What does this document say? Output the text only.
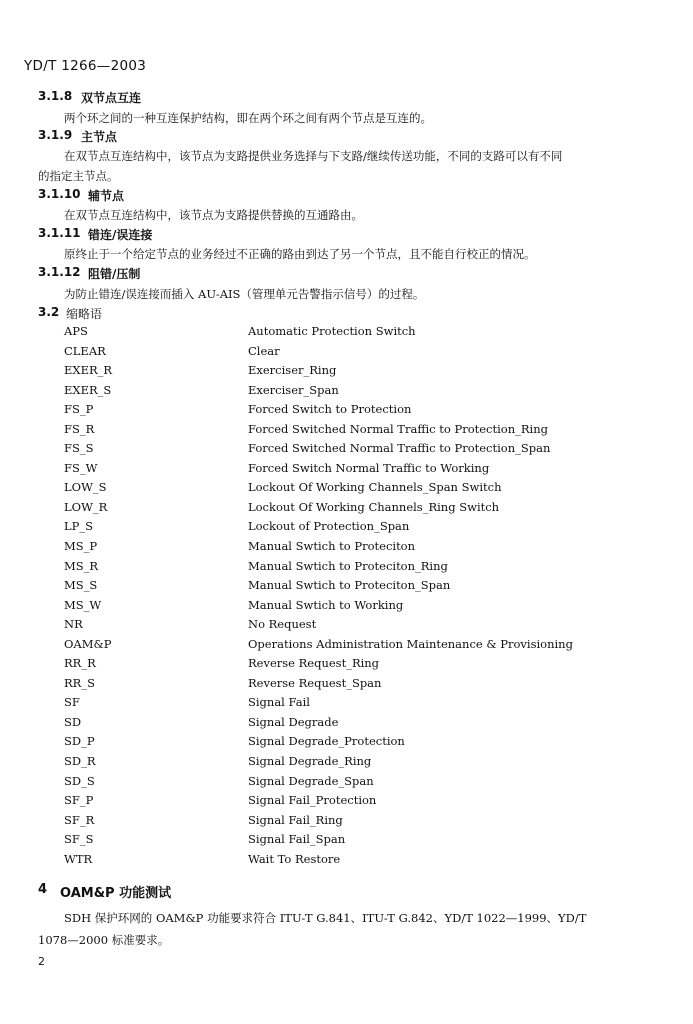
YD/T 1266—2003
3.1.8 双节点互连
两个环之间的一种互连保护结构，即在两个环之间有两个节点是互连的。
3.1.9 主节点
在双节点互连结构中，该节点为支路提供业务选择与下支路/继续传送功能，不同的支路可以有不同
的指定主节点。
3.1.10 辅节点
在双节点互连结构中，该节点为支路提供替换的互通路由。
3.1.11 错连/误连接
原终止于一个给定节点的业务经过不正确的路由到达了另一个节点，且不能自行校正的情况。
3.1.12 阻错/压制
为防止错连/误连接而插入 AU-AIS（管理单元告警指示信号）的过程。
3.2 缩略语
APS	Automatic Protection Switch
CLEAR	Clear
EXER_R	Exerciser_Ring
EXER_S	Exerciser_Span
FS_P	Forced Switch to Protection
FS_R	Forced Switched Normal Traffic to Protection_Ring
FS_S	Forced Switched Normal Traffic to Protection_Span
FS_W	Forced Switch Normal Traffic to Working
LOW_S	Lockout Of Working Channels_Span Switch
LOW_R	Lockout Of Working Channels_Ring Switch
LP_S	Lockout of Protection_Span
MS_P	Manual Swtich to Proteciton
MS_R	Manual Swtich to Proteciton_Ring
MS_S	Manual Swtich to Proteciton_Span
MS_W	Manual Swtich to Working
NR	No Request
OAM&P	Operations Administration Maintenance & Provisioning
RR_R	Reverse Request_Ring
RR_S	Reverse Request_Span
SF	Signal Fail
SD	Signal Degrade
SD_P	Signal Degrade_Protection
SD_R	Signal Degrade_Ring
SD_S	Signal Degrade_Span
SF_P	Signal Fail_Protection
SF_R	Signal Fail_Ring
SF_S	Signal Fail_Span
WTR	Wait To Restore
4 OAM&P 功能测试
SDH 保护环网的 OAM&P 功能要求符合 ITU-T G.841、ITU-T G.842、YD/T 1022—1999、YD/T
1078—2000 标准要求。
2
